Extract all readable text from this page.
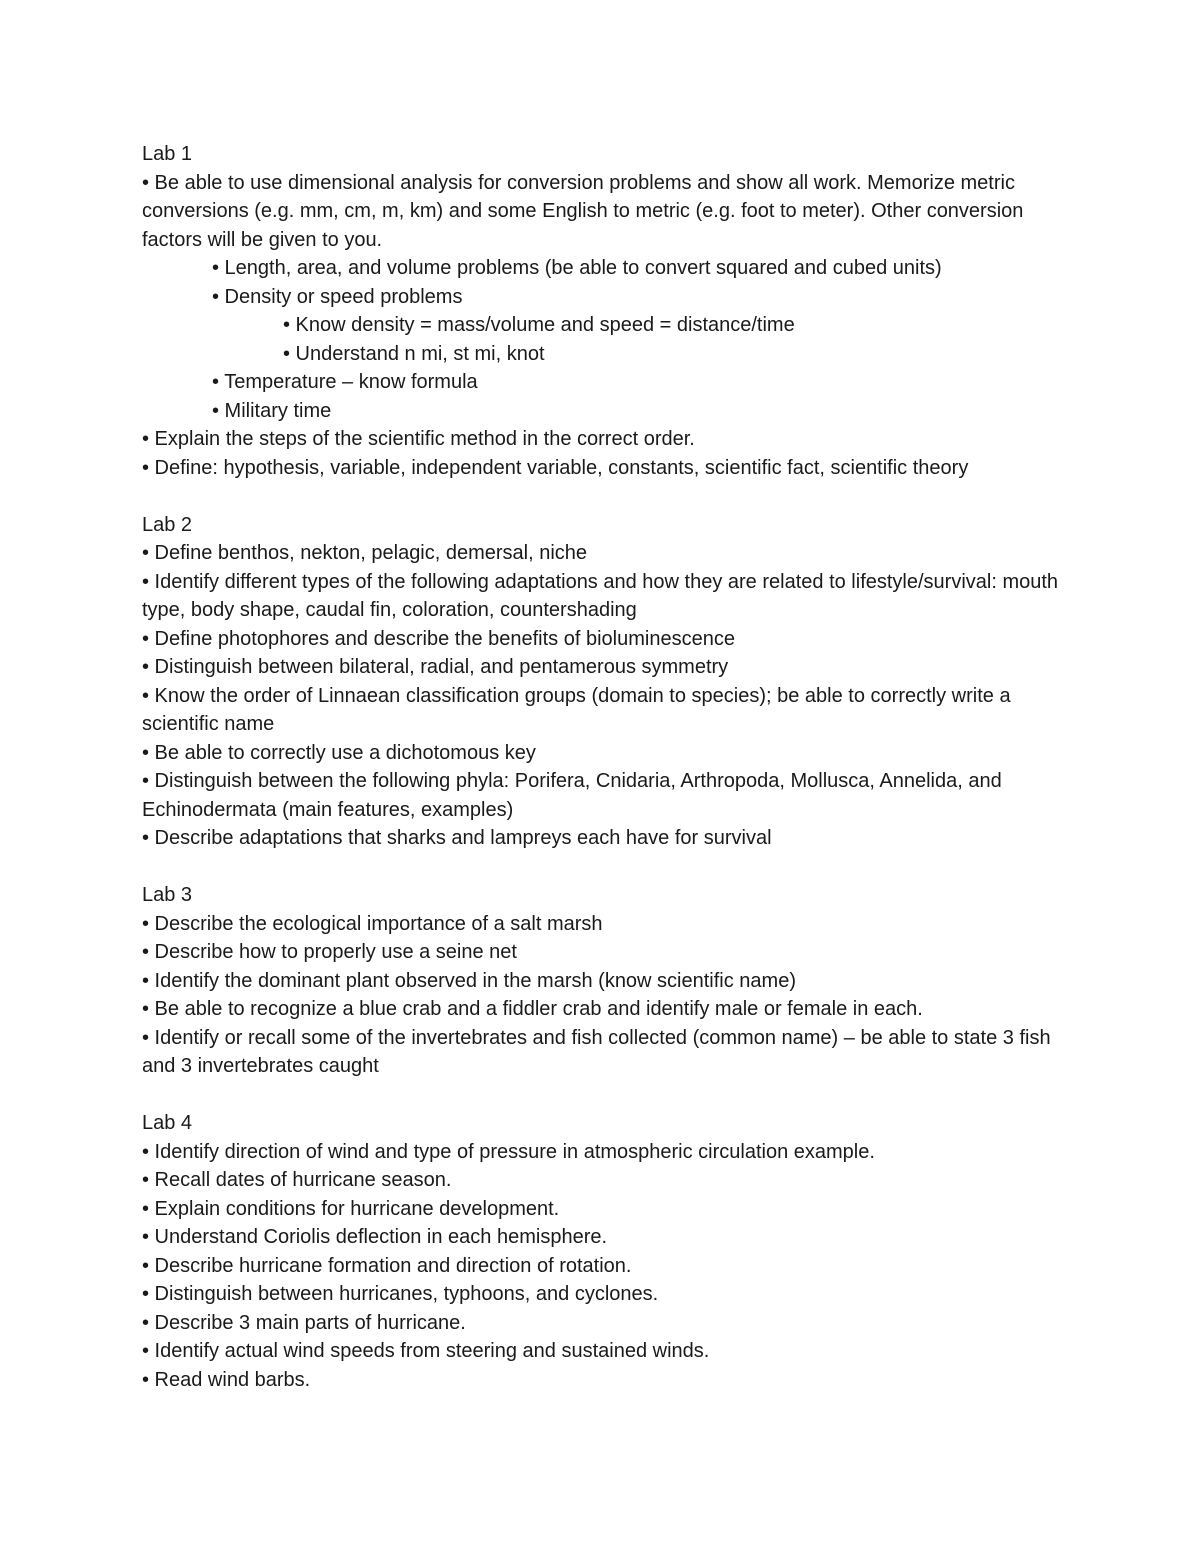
Lab 1
• Be able to use dimensional analysis for conversion problems and show all work. Memorize metric conversions (e.g. mm, cm, m, km) and some English to metric (e.g. foot to meter). Other conversion factors will be given to you.
• Length, area, and volume problems (be able to convert squared and cubed units)
• Density or speed problems
• Know density = mass/volume and speed = distance/time
• Understand n mi, st mi, knot
• Temperature – know formula
• Military time
• Explain the steps of the scientific method in the correct order.
• Define: hypothesis, variable, independent variable, constants, scientific fact, scientific theory
Lab 2
• Define benthos, nekton, pelagic, demersal, niche
• Identify different types of the following adaptations and how they are related to lifestyle/survival: mouth type, body shape, caudal fin, coloration, countershading
• Define photophores and describe the benefits of bioluminescence
• Distinguish between bilateral, radial, and pentamerous symmetry
• Know the order of Linnaean classification groups (domain to species); be able to correctly write a scientific name
• Be able to correctly use a dichotomous key
• Distinguish between the following phyla: Porifera, Cnidaria, Arthropoda, Mollusca, Annelida, and Echinodermata (main features, examples)
• Describe adaptations that sharks and lampreys each have for survival
Lab 3
• Describe the ecological importance of a salt marsh
• Describe how to properly use a seine net
• Identify the dominant plant observed in the marsh (know scientific name)
• Be able to recognize a blue crab and a fiddler crab and identify male or female in each.
• Identify or recall some of the invertebrates and fish collected (common name) – be able to state 3 fish and 3 invertebrates caught
Lab 4
• Identify direction of wind and type of pressure in atmospheric circulation example.
• Recall dates of hurricane season.
• Explain conditions for hurricane development.
• Understand Coriolis deflection in each hemisphere.
• Describe hurricane formation and direction of rotation.
• Distinguish between hurricanes, typhoons, and cyclones.
• Describe 3 main parts of hurricane.
• Identify actual wind speeds from steering and sustained winds.
• Read wind barbs.
